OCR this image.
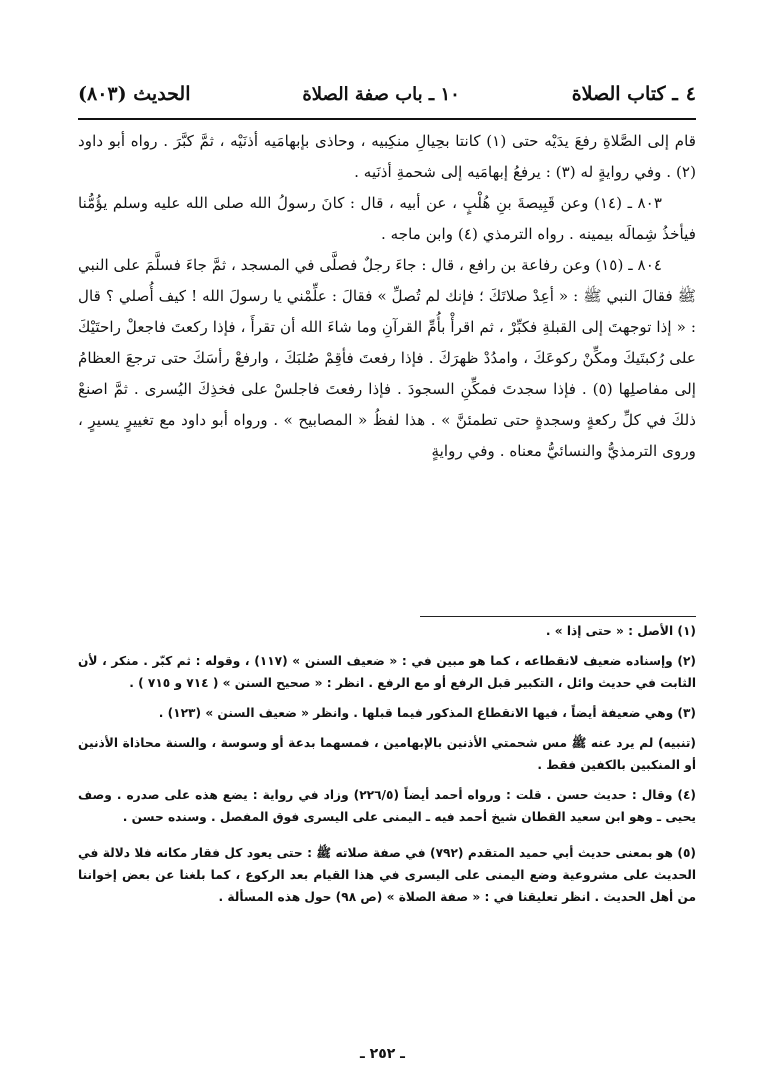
٤
ـ كتاب الصلاة
١٠ ـ باب صفة الصلاة
الحديث (٨٠٣)

قام إلى الصَّلاةِ رفعَ يدَيْه حتى (١) كانتا بحِيالِ منكِبيه ، وحاذى بإبهامَيه أذنَيْه ، ثمَّ كبَّرَ . رواه أبو داود (٢) . وفي روايةٍ له (٣) : يرفعُ إبهامَيه إلى شحمةِ أذنَيه .

٨٠٣ ـ (١٤) وعن قَبِيصةَ بنِ هُلْبٍ ، عن أبيه ، قال : كانَ رسولُ الله صلى الله عليه وسلم يؤُمُّنا فيأخذُ شِمالَه بيمينه . رواه الترمذي (٤) وابن ماجه .

٨٠٤ ـ (١٥) وعن رفاعة بن رافع ، قال : جاءَ رجلٌ فصلَّى في المسجد ، ثمَّ جاءَ فسلَّمَ على النبي ﷺ فقالَ النبي ﷺ : « أعِدْ صلاتَكَ ؛ فإنك لم تُصلِّ » فقالَ : علِّمْني يا رسولَ الله ! كيف أُصلي ؟ قال : « إذا توجهتَ إلى القبلةِ فكبِّرْ ، ثم اقرأْ بأُمِّ القرآنِ وما شاءَ الله أن تقرأَ ، فإذا ركعتَ فاجعلْ راحتَيْكَ على رُكبتَيكَ ومكِّنْ ركوعَكَ ، وامدُدْ ظهرَكَ . فإذا رفعتَ فأقِمْ صُلبَكَ ، وارفعْ رأسَكَ حتى ترجعَ العظامُ إلى مفاصلِها (٥) . فإذا سجدتَ فمكِّنِ السجودَ . فإذا رفعتَ فاجلسْ على فخذِكَ اليُسرى . ثمَّ اصنعْ ذلكَ في كلِّ ركعةٍ وسجدةٍ حتى تطمئنَّ » . هذا لفظُ « المصابيح » . ورواه أبو داود مع تغييرٍ يسيرٍ ، وروى الترمذيُّ والنسائيُّ معناه . وفي روايةٍ

(١) الأصل : « حتى إذا » .

(٢) وإسناده ضعيف لانقطاعه ، كما هو مبين في : « ضعيف السنن » (١١٧) ، وقوله : ثم كبّر . منكر ، لأن الثابت في حديث وائل ، التكبير قبل الرفع أو مع الرفع . انظر : « صحيح السنن » ( ٧١٤ و ٧١٥ ) .

(٣) وهي ضعيفة أيضاً ، فيها الانقطاع المذكور فيما قبلها . وانظر « ضعيف السنن » (١٢٣) .

(تنبيه) لم يرد عنه ﷺ مس شحمتي الأذنين بالإبهامين ، فمسهما بدعة أو وسوسة ، والسنة محاذاة الأذنين أو المنكبين بالكفين فقط .

(٤) وقال : حديث حسن . قلت : ورواه أحمد أيضاً (٢٢٦/٥) وزاد في رواية : يضع هذه على صدره . وصف يحيى ـ وهو ابن سعيد القطان شيخ أحمد فيه ـ اليمنى على اليسرى فوق المفصل . وسنده حسن .

(٥) هو بمعنى حديث أبي حميد المتقدم (٧٩٢) في صفة صلاته ﷺ : حتى يعود كل فقار مكانه فلا دلالة في الحديث على مشروعية وضع اليمنى على اليسرى في هذا القيام بعد الركوع ، كما بلغنا عن بعض إخواننا من أهل الحديث . انظر تعليقنا في : « صفة الصلاة » (ص ٩٨) حول هذه المسألة .

ـ ٢٥٢ ـ
